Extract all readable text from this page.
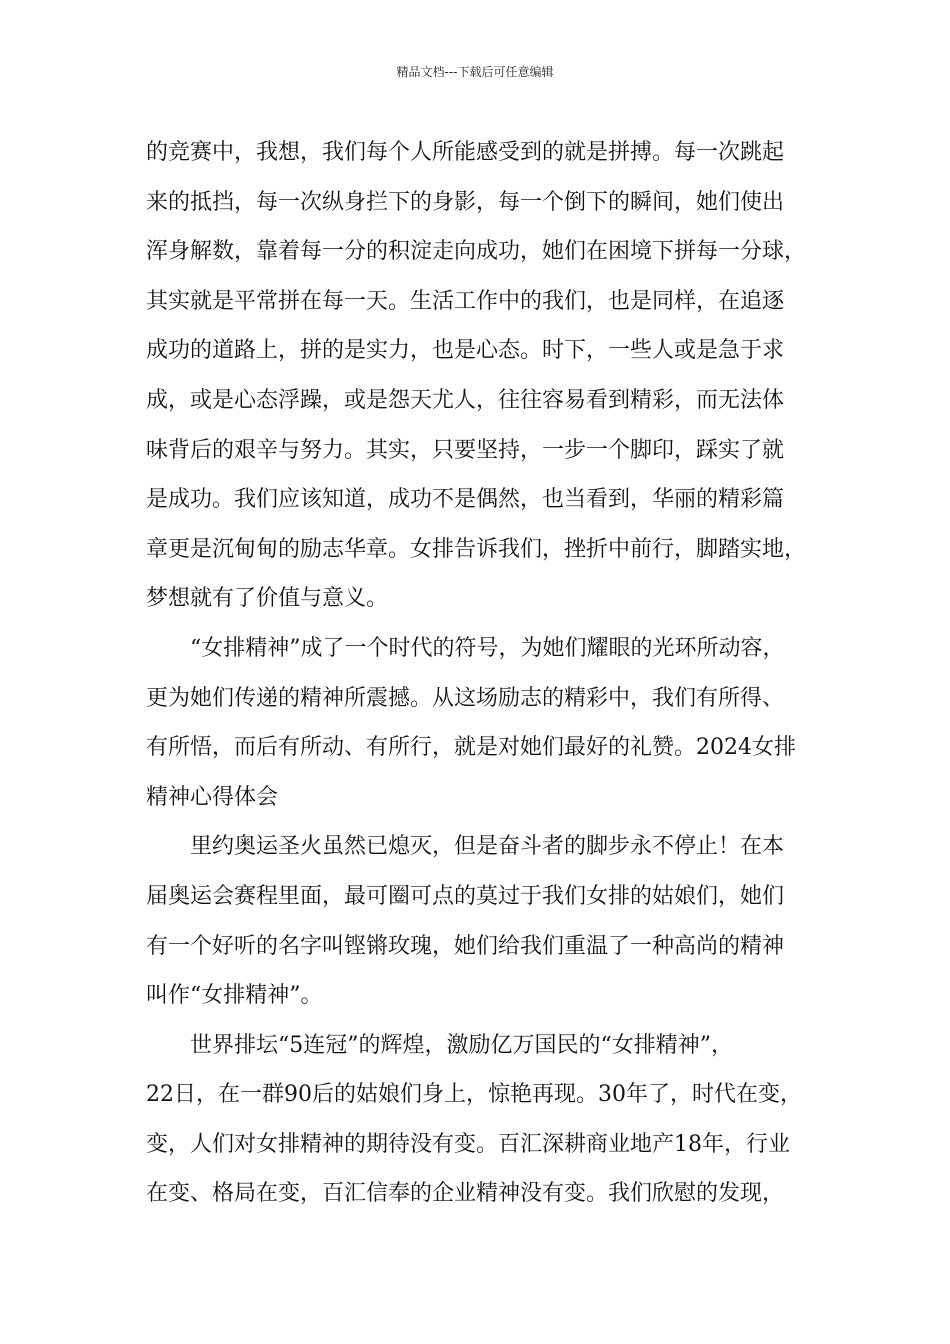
精品文档---下载后可任意编辑
的竞赛中，我想，我们每个人所能感受到的就是拼搏。每一次跳起
来的抵挡，每一次纵身拦下的身影，每一个倒下的瞬间，她们使出
浑身解数，靠着每一分的积淀走向成功，她们在困境下拼每一分球，
其实就是平常拼在每一天。生活工作中的我们，也是同样，在追逐
成功的道路上，拼的是实力，也是心态。时下，一些人或是急于求
成，或是心态浮躁，或是怨天尤人，往往容易看到精彩，而无法体
味背后的艰辛与努力。其实，只要坚持，一步一个脚印，踩实了就
是成功。我们应该知道，成功不是偶然，也当看到，华丽的精彩篇
章更是沉甸甸的励志华章。女排告诉我们，挫折中前行，脚踏实地，
梦想就有了价值与意义。
“女排精神”成了一个时代的符号，为她们耀眼的光环所动容，
更为她们传递的精神所震撼。从这场励志的精彩中，我们有所得、
有所悟，而后有所动、有所行，就是对她们最好的礼赞。2024女排
精神心得体会
里约奥运圣火虽然已熄灭，但是奋斗者的脚步永不停止！在本
届奥运会赛程里面，最可圈可点的莫过于我们女排的姑娘们，她们
有一个好听的名字叫铿锵玫瑰，她们给我们重温了一种高尚的精神
叫作“女排精神”。
世界排坛“5连冠”的辉煌，激励亿万国民的“女排精神”，
22日，在一群90后的姑娘们身上，惊艳再现。30年了，时代在变，
变，人们对女排精神的期待没有变。百汇深耕商业地产18年，行业
在变、格局在变，百汇信奉的企业精神没有变。我们欣慰的发现，
